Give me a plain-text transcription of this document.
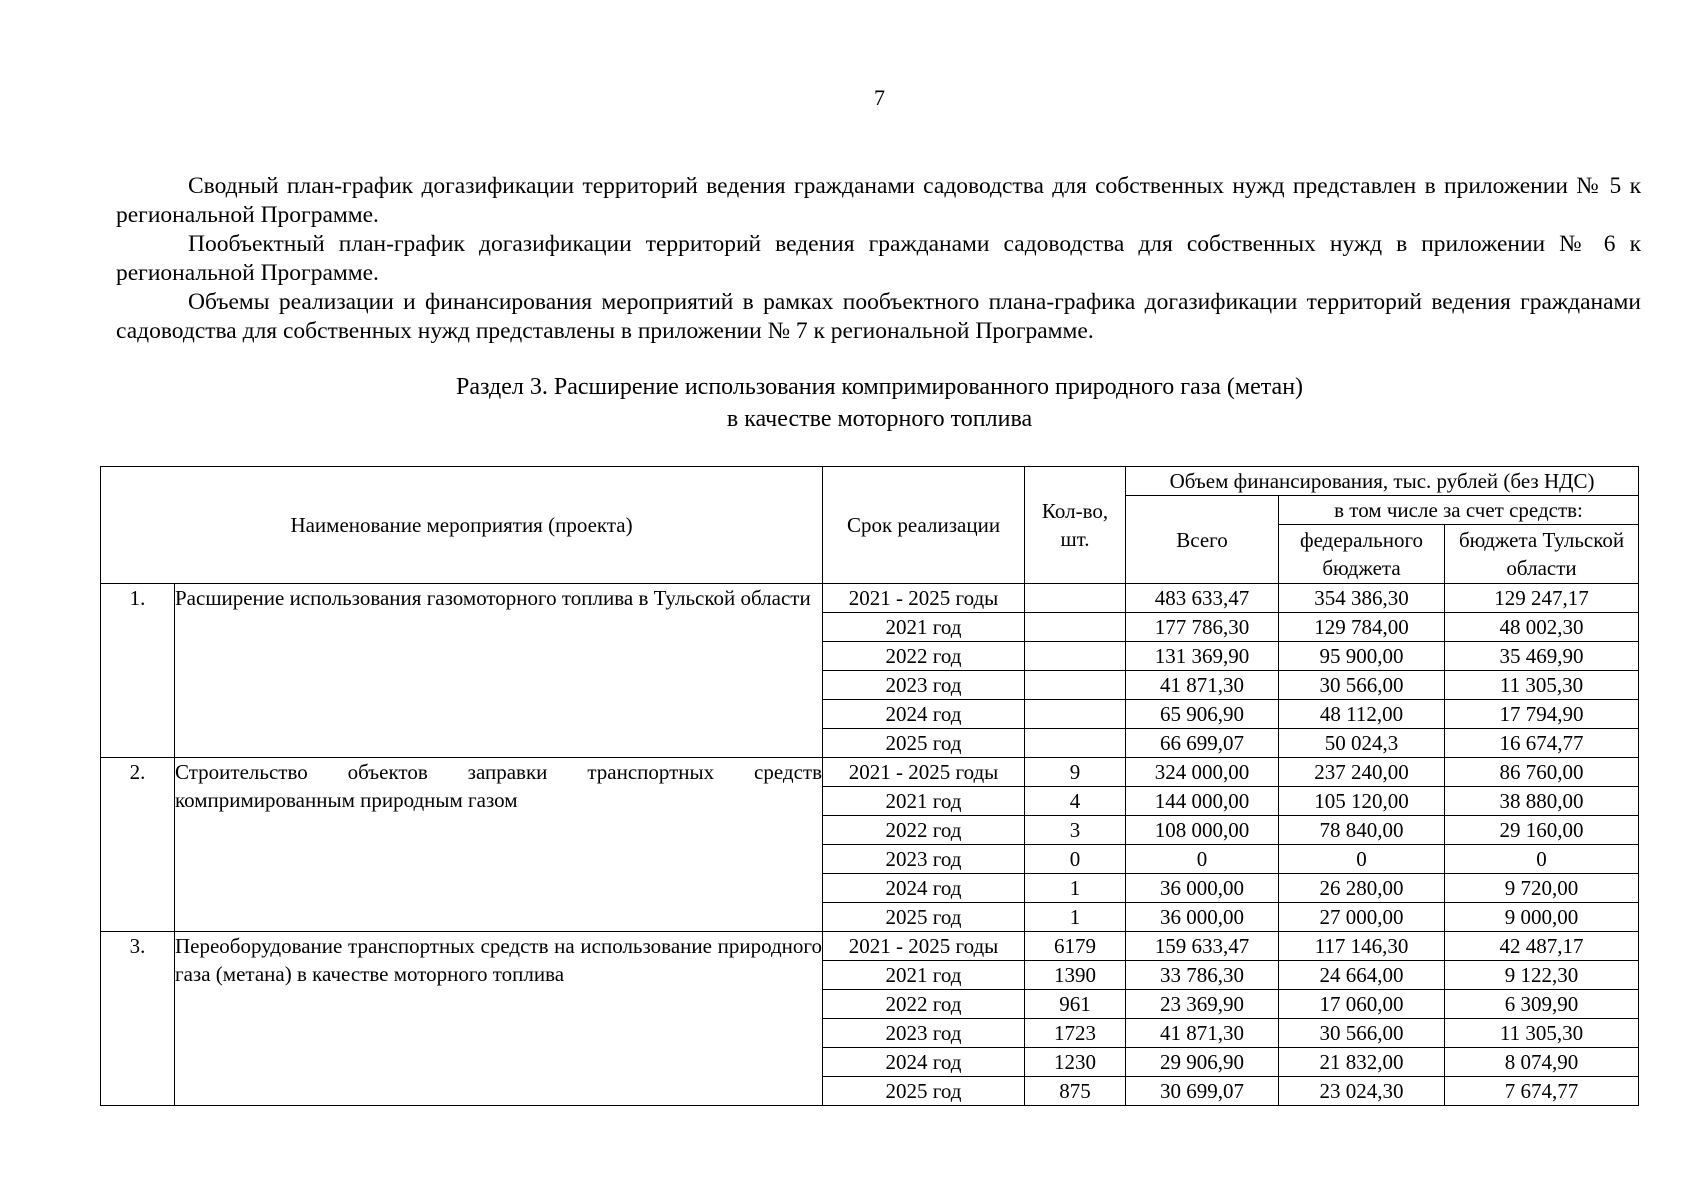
7

Сводный план-график догазификации территорий ведения гражданами садоводства для собственных нужд представлен в приложении № 5 к региональной Программе.

Пообъектный план-график догазификации территорий ведения гражданами садоводства для собственных нужд в приложении № 6 к региональной Программе.

Объемы реализации и финансирования мероприятий в рамках пообъектного плана-графика догазификации территорий ведения гражданами садоводства для собственных нужд представлены в приложении № 7 к региональной Программе.

Раздел 3. Расширение использования компримированного природного газа (метан)
в качестве моторного топлива
Наименование мероприятия (проекта)		Срок реализации	Кол-во, шт.	Объем финансирования, тыс. рублей (без НДС)		
				Всего	в том числе за счет средств:	
					федерального бюджета	бюджета Тульской области
1.	Расширение использования газомоторного топлива в Тульской области	2021 - 2025 годы		483 633,47	354 386,30	129 247,17
		2021 год		177 786,30	129 784,00	48 002,30
		2022 год		131 369,90	95 900,00	35 469,90
		2023 год		41 871,30	30 566,00	11 305,30
		2024 год		65 906,90	48 112,00	17 794,90
		2025 год		66 699,07	50 024,3	16 674,77
2.	Строительство объектов заправки транспортных средств компримированным природным газом	2021 - 2025 годы	9	324 000,00	237 240,00	86 760,00
		2021 год	4	144 000,00	105 120,00	38 880,00
		2022 год	3	108 000,00	78 840,00	29 160,00
		2023 год	0	0	0	0
		2024 год	1	36 000,00	26 280,00	9 720,00
		2025 год	1	36 000,00	27 000,00	9 000,00
3.	Переоборудование транспортных средств на использование природного газа (метана) в качестве моторного топлива	2021 - 2025 годы	6179	159 633,47	117 146,30	42 487,17
		2021 год	1390	33 786,30	24 664,00	9 122,30
		2022 год	961	23 369,90	17 060,00	6 309,90
		2023 год	1723	41 871,30	30 566,00	11 305,30
		2024 год	1230	29 906,90	21 832,00	8 074,90
		2025 год	875	30 699,07	23 024,30	7 674,77
